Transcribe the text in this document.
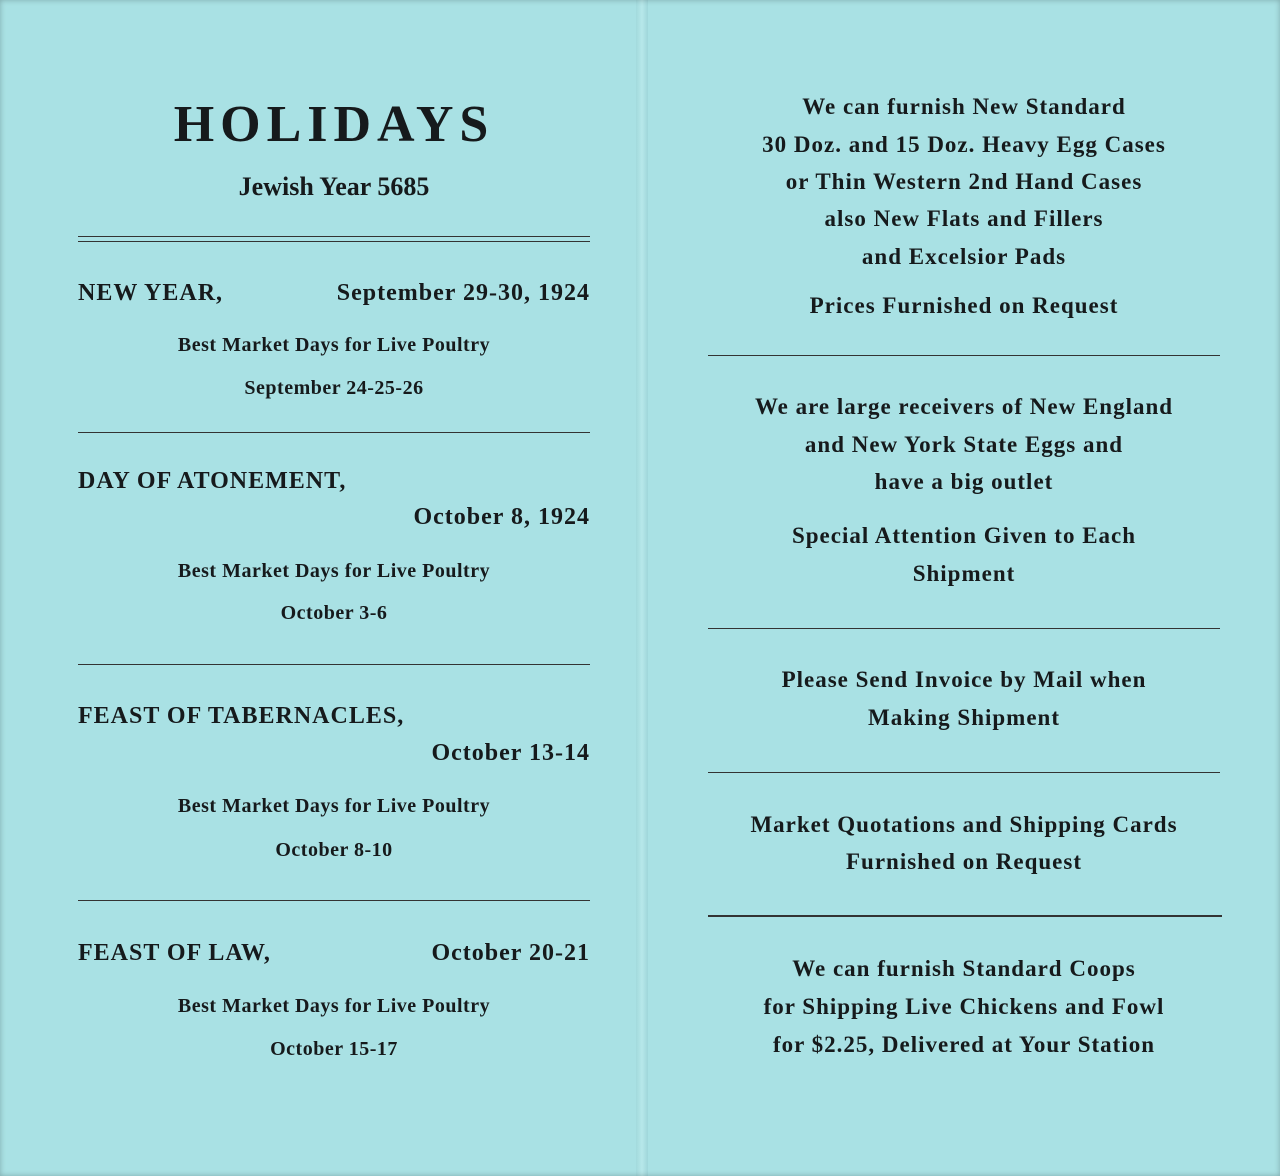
HOLIDAYS
Jewish Year 5685
NEW YEAR,	September 29-30, 1924
Best Market Days for Live Poultry
September 24-25-26
DAY OF ATONEMENT,
October 8, 1924
Best Market Days for Live Poultry
October 3-6
FEAST OF TABERNACLES,
October 13-14
Best Market Days for Live Poultry
October 8-10
FEAST OF LAW,	October 20-21
Best Market Days for Live Poultry
October 15-17
We can furnish New Standard
30 Doz. and 15 Doz. Heavy Egg Cases
or Thin Western 2nd Hand Cases
also New Flats and Fillers
and Excelsior Pads
Prices Furnished on Request
We are large receivers of New England
and New York State Eggs and
have a big outlet
Special Attention Given to Each
Shipment
Please Send Invoice by Mail when
Making Shipment
Market Quotations and Shipping Cards
Furnished on Request
We can furnish Standard Coops
for Shipping Live Chickens and Fowl
for $2.25, Delivered at Your Station
